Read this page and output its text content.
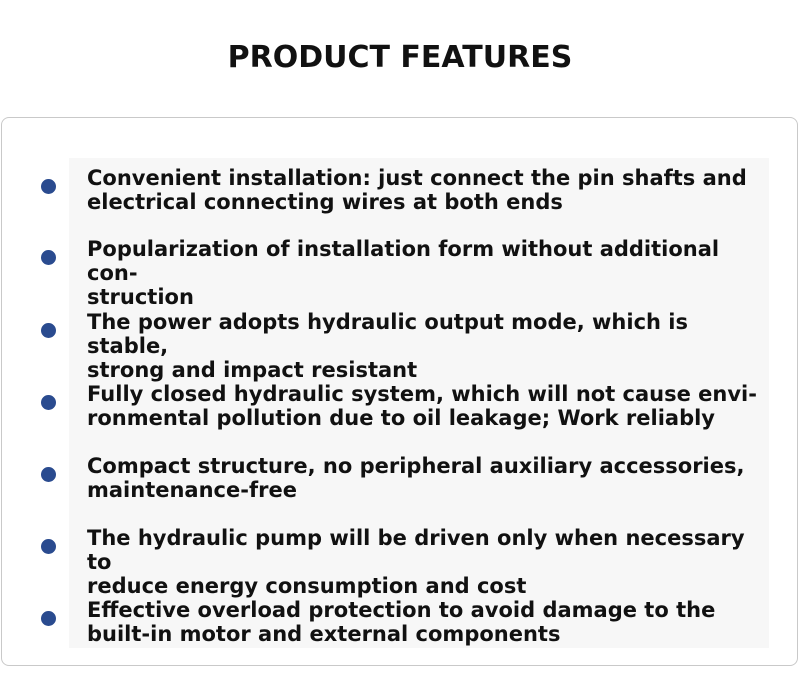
PRODUCT FEATURES

Convenient installation: just connect the pin shafts and
electrical connecting wires at both ends

Popularization of installation form without additional con-
struction

The power adopts hydraulic output mode, which is stable,
strong and impact resistant

Fully closed hydraulic system, which will not cause envi-
ronmental pollution due to oil leakage; Work reliably

Compact structure, no peripheral auxiliary accessories,
maintenance-free

The hydraulic pump will be driven only when necessary to
reduce energy consumption and cost

Effective overload protection to avoid damage to the
built-in motor and external components
